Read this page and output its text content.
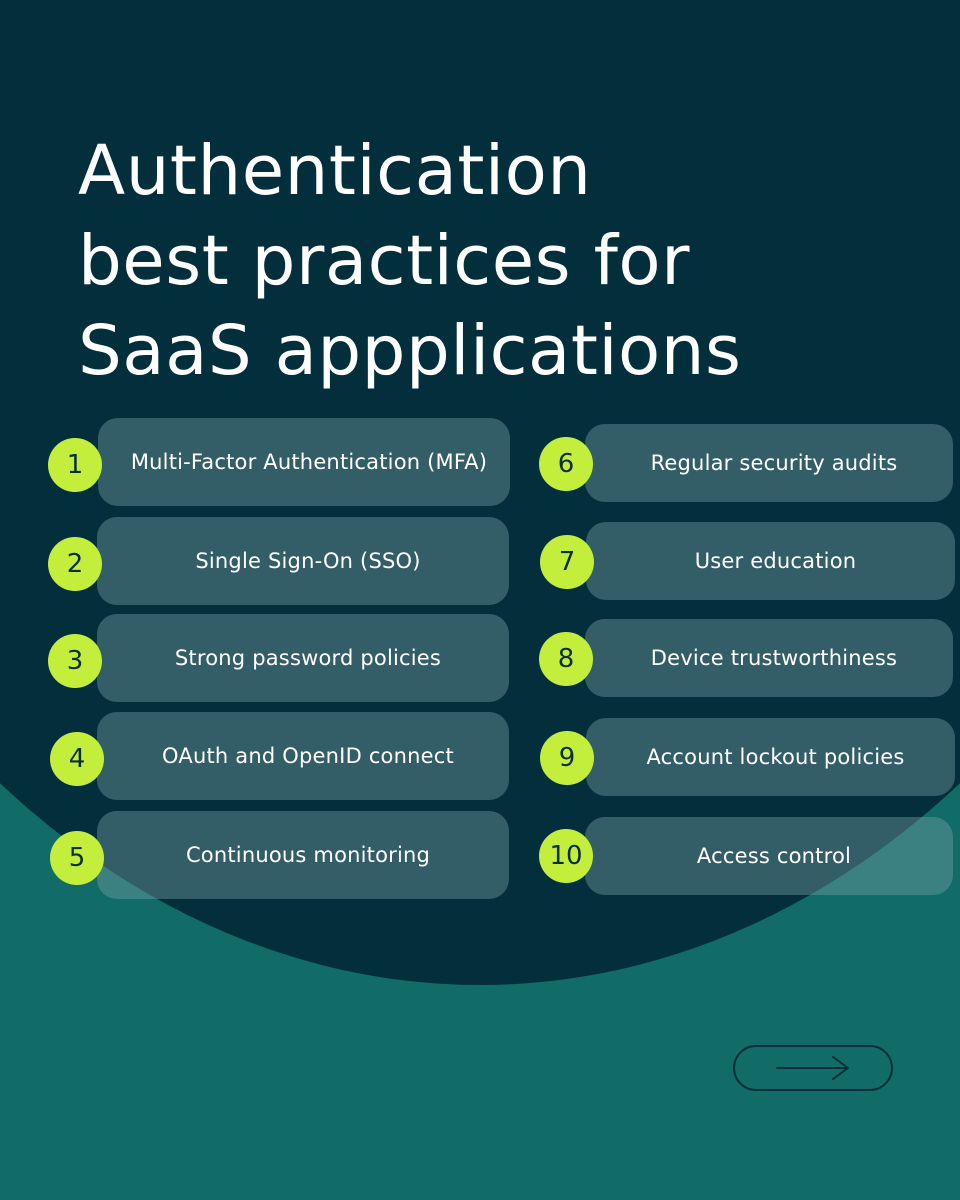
Authentication
best practices for
SaaS appplications
Multi-Factor Authentication (MFA)
1
Single Sign-On (SSO)
2
Strong password policies
3
OAuth and OpenID connect
4
Continuous monitoring
5
Regular security audits
6
User education
7
Device trustworthiness
8
Account lockout policies
9
Access control
10
